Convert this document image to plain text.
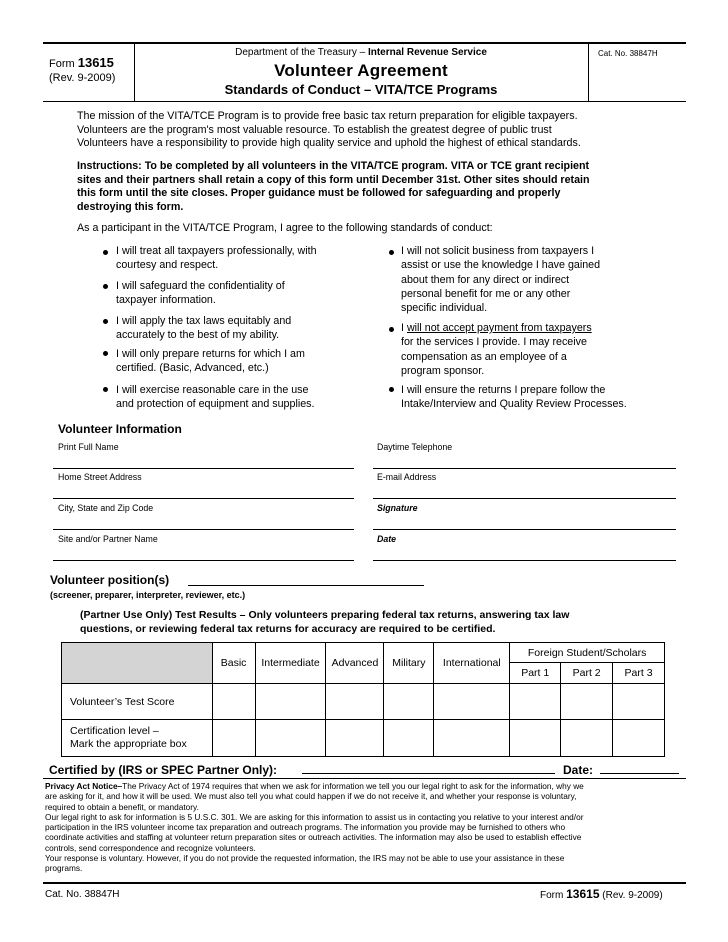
Form 13615
(Rev. 9-2009)
Department of the Treasury – Internal Revenue Service
Volunteer Agreement
Standards of Conduct – VITA/TCE Programs
Cat. No. 38847H
The mission of the VITA/TCE Program is to provide free basic tax return preparation for eligible taxpayers.
Volunteers are the program's most valuable resource. To establish the greatest degree of public trust
Volunteers have a responsibility to provide high quality service and uphold the highest of ethical standards.
Instructions: To be completed by all volunteers in the VITA/TCE program. VITA or TCE grant recipient
sites and their partners shall retain a copy of this form until December 31st. Other sites should retain
this form until the site closes. Proper guidance must be followed for safeguarding and properly
destroying this form.
As a participant in the VITA/TCE Program, I agree to the following standards of conduct:
I will treat all taxpayers professionally, with
courtesy and respect.
I will safeguard the confidentiality of
taxpayer information.
I will apply the tax laws equitably and
accurately to the best of my ability.
I will only prepare returns for which I am
certified. (Basic, Advanced, etc.)
I will exercise reasonable care in the use
and protection of equipment and supplies.
I will not solicit business from taxpayers I
assist or use the knowledge I have gained
about them for any direct or indirect
personal benefit for me or any other
specific individual.
I will not accept payment from taxpayers
for the services I provide. I may receive
compensation as an employee of a
program sponsor.
I will ensure the returns I prepare follow the
Intake/Interview and Quality Review Processes.
Volunteer Information
Print Full Name	Daytime Telephone
Home Street Address	E-mail Address
City, State and Zip Code	Signature
Site and/or Partner Name	Date
Volunteer position(s)
(screener, preparer, interpreter, reviewer, etc.)
(Partner Use Only) Test Results – Only volunteers preparing federal tax returns, answering tax law
questions, or reviewing federal tax returns for accuracy are required to be certified.
	Basic	Intermediate	Advanced	Military	International	Foreign Student/Scholars		
						Part 1	Part 2	Part 3
Volunteer’s Test Score								

Certification level –
Mark the appropriate box								

Certified by (IRS or SPEC Partner Only):	Date:
Privacy Act Notice–The Privacy Act of 1974 requires that when we ask for information we tell you our legal right to ask for the information, why we
are asking for it, and how it will be used. We must also tell you what could happen if we do not receive it, and whether your response is voluntary,
required to obtain a benefit, or mandatory.
Our legal right to ask for information is 5 U.S.C. 301. We are asking for this information to assist us in contacting you relative to your interest and/or
participation in the IRS volunteer income tax preparation and outreach programs. The information you provide may be furnished to others who
coordinate activities and staffing at volunteer return preparation sites or outreach activities. The information may also be used to establish effective
controls, send correspondence and recognize volunteers.
Your response is voluntary. However, if you do not provide the requested information, the IRS may not be able to use your assistance in these
programs.
Cat. No. 38847H	Form 13615 (Rev. 9-2009)
